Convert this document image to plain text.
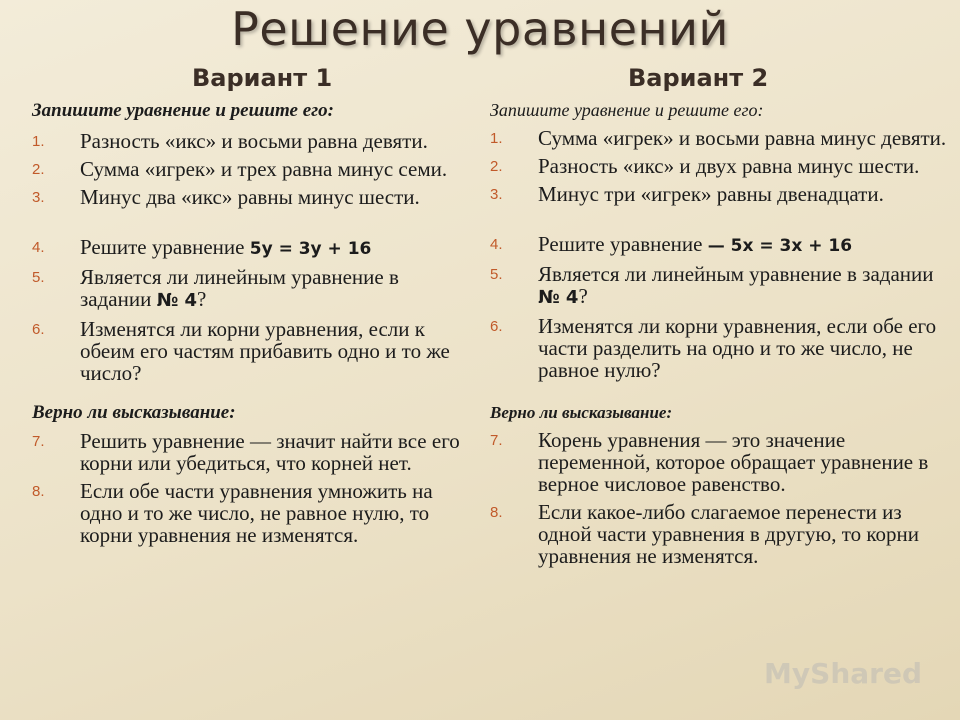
Решение уравнений
Вариант 1	Вариант 2
Запишите уравнение и решите его:
1. Разность «икс» и восьми равна девяти.
2. Сумма «игрек» и трех равна минус семи.
3. Минус два «икс» равны минус шести.
4. Решите уравнение 5y = 3y + 16
5. Является ли линейным уравнение в задании № 4?
6. Изменятся ли корни уравнения, если к обеим его частям прибавить одно и то же число?
Верно ли высказывание:
7. Решить уравнение — значит найти все его корни или убедиться, что корней нет.
8. Если обе части уравнения умножить на одно и то же число, не равное нулю, то корни уравнения не изменятся.
Запишите уравнение и решите его:
1. Сумма «игрек» и восьми равна минус девяти.
2. Разность «икс» и двух равна минус шести.
3. Минус три «игрек» равны двенадцати.
4. Решите уравнение — 5x = 3x + 16
5. Является ли линейным уравнение в задании № 4?
6. Изменятся ли корни уравнения, если обе его части разделить на одно и то же число, не равное нулю?
Верно ли высказывание:
7. Корень уравнения — это значение переменной, которое обращает уравнение в верное числовое равенство.
8. Если какое-либо слагаемое перенести из одной части уравнения в другую, то корни уравнения не изменятся.
MyShared
